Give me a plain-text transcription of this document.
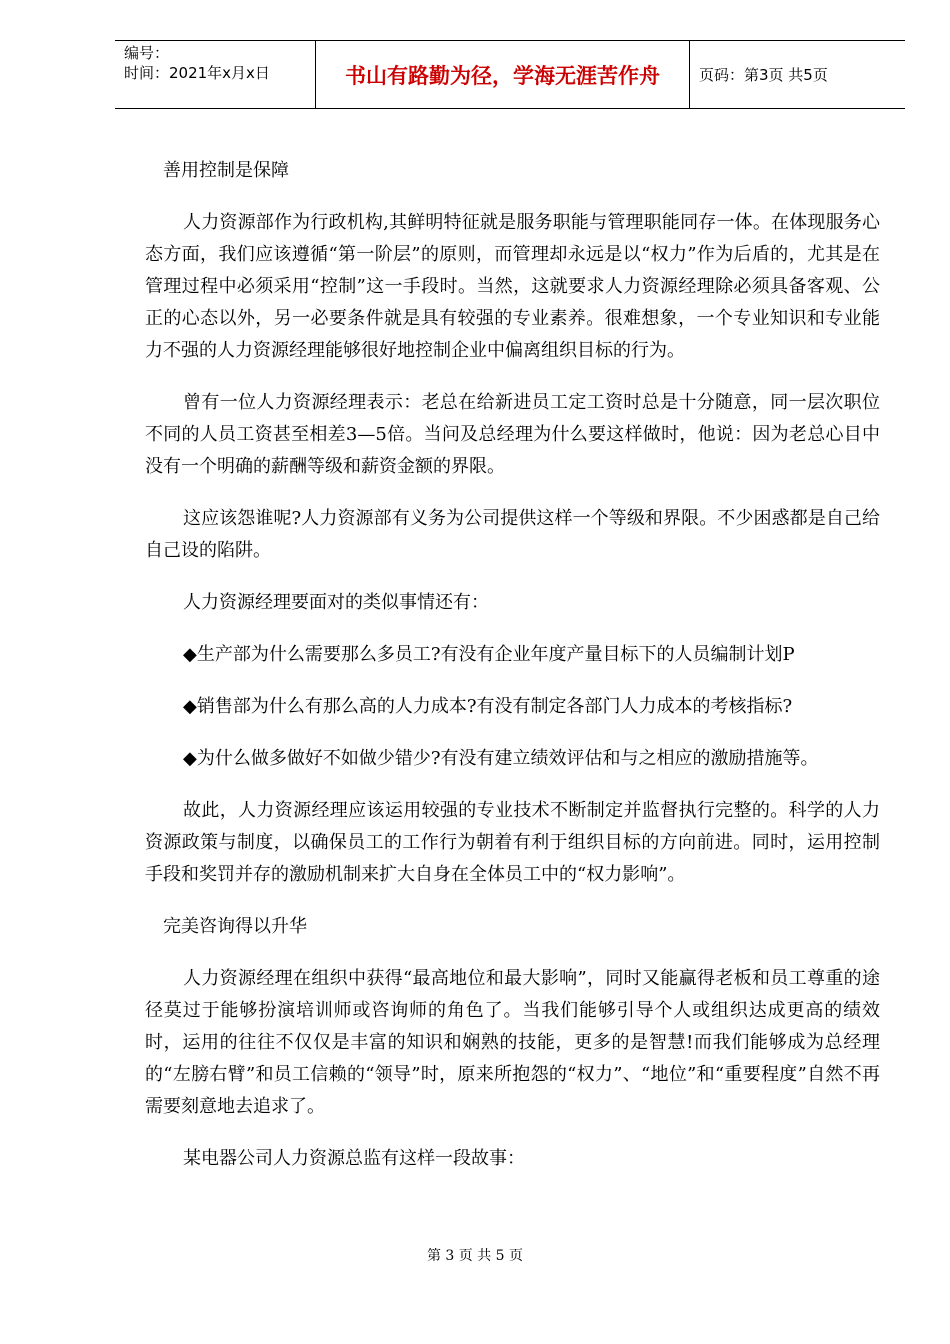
编号：
时间：2021年x月x日	书山有路勤为径，学海无涯苦作舟	页码：第3页 共5页
善用控制是保障

人力资源部作为行政机构,其鲜明特征就是服务职能与管理职能同存一体。在体现服务心态方面，我们应该遵循“第一阶层”的原则，而管理却永远是以“权力”作为后盾的，尤其是在管理过程中必须采用“控制”这一手段时。当然，这就要求人力资源经理除必须具备客观、公正的心态以外，另一必要条件就是具有较强的专业素养。很难想象，一个专业知识和专业能力不强的人力资源经理能够很好地控制企业中偏离组织目标的行为。

曾有一位人力资源经理表示：老总在给新进员工定工资时总是十分随意，同一层次职位不同的人员工资甚至相差3—5倍。当问及总经理为什么要这样做时，他说：因为老总心目中没有一个明确的薪酬等级和薪资金额的界限。

这应该怨谁呢?人力资源部有义务为公司提供这样一个等级和界限。不少困惑都是自己给自己设的陷阱。

人力资源经理要面对的类似事情还有：

◆生产部为什么需要那么多员工?有没有企业年度产量目标下的人员编制计划P
◆销售部为什么有那么高的人力成本?有没有制定各部门人力成本的考核指标?
◆为什么做多做好不如做少错少?有没有建立绩效评估和与之相应的激励措施等。

故此，人力资源经理应该运用较强的专业技术不断制定并监督执行完整的。科学的人力资源政策与制度，以确保员工的工作行为朝着有利于组织目标的方向前进。同时，运用控制手段和奖罚并存的激励机制来扩大自身在全体员工中的“权力影响”。

完美咨询得以升华

人力资源经理在组织中获得“最高地位和最大影响”，同时又能赢得老板和员工尊重的途径莫过于能够扮演培训师或咨询师的角色了。当我们能够引导个人或组织达成更高的绩效时，运用的往往不仅仅是丰富的知识和娴熟的技能，更多的是智慧!而我们能够成为总经理的“左膀右臂”和员工信赖的“领导”时，原来所抱怨的“权力”、“地位”和“重要程度”自然不再需要刻意地去追求了。

某电器公司人力资源总监有这样一段故事：

第 3 页 共 5 页
